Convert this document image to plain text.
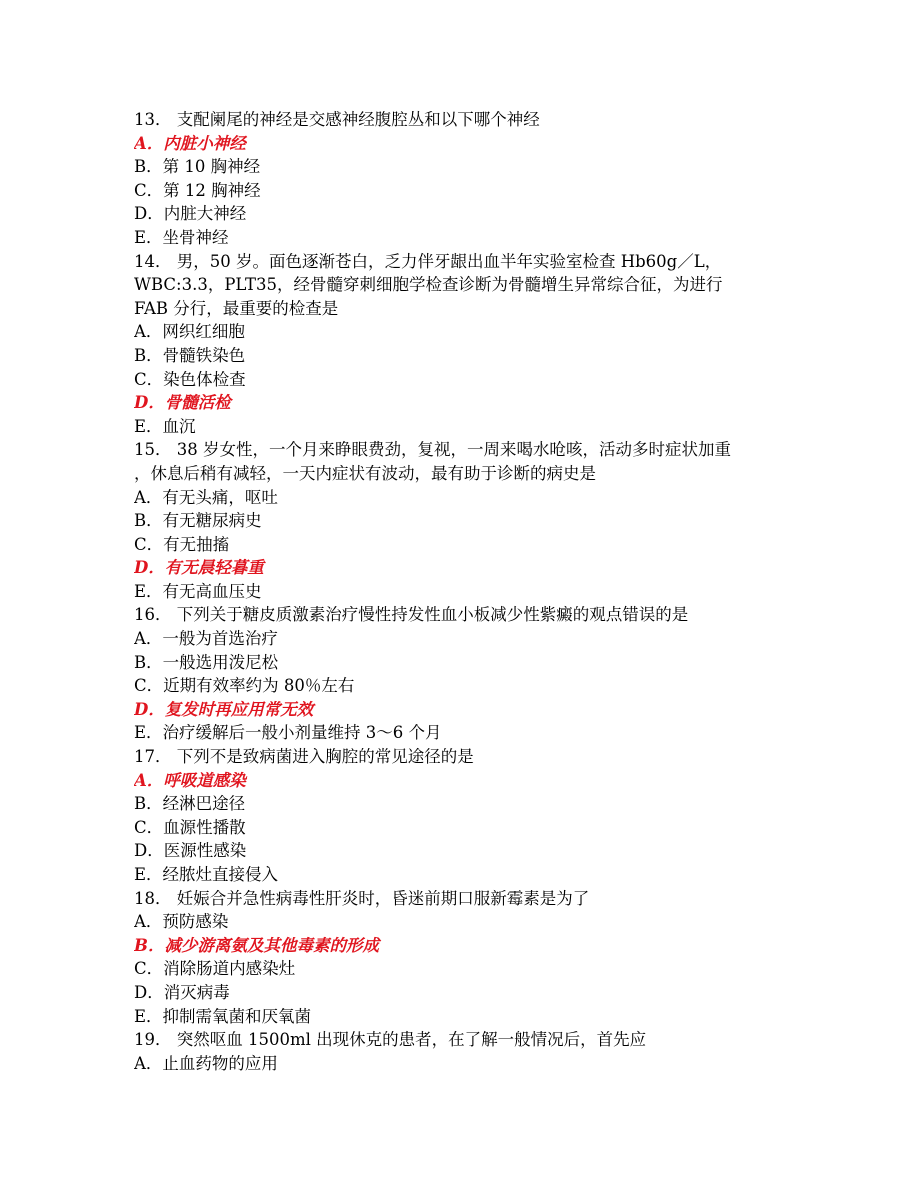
13． 支配阑尾的神经是交感神经腹腔丛和以下哪个神经
A．内脏小神经
B．第 10 胸神经
C．第 12 胸神经
D．内脏大神经
E．坐骨神经
14． 男，50 岁。面色逐渐苍白，乏力伴牙龈出血半年实验室检查 Hb60g／L，
WBC:3.3，PLT35，经骨髓穿刺细胞学检查诊断为骨髓增生异常综合征，为进行
FAB 分行，最重要的检查是
A．网织红细胞
B．骨髓铁染色
C．染色体检查
D．骨髓活检
E．血沉
15． 38 岁女性，一个月来睁眼费劲，复视，一周来喝水呛咳，活动多时症状加重
，休息后稍有减轻，一天内症状有波动，最有助于诊断的病史是
A．有无头痛，呕吐
B．有无糖尿病史
C．有无抽搐
D．有无晨轻暮重
E．有无高血压史
16． 下列关于糖皮质激素治疗慢性持发性血小板减少性紫癜的观点错误的是
A．一般为首选治疗
B．一般选用泼尼松
C．近期有效率约为 80％左右
D．复发时再应用常无效
E．治疗缓解后一般小剂量维持 3～6 个月
17． 下列不是致病菌进入胸腔的常见途径的是
A．呼吸道感染
B．经淋巴途径
C．血源性播散
D．医源性感染
E．经脓灶直接侵入
18． 妊娠合并急性病毒性肝炎时，昏迷前期口服新霉素是为了
A．预防感染
B．减少游离氨及其他毒素的形成
C．消除肠道内感染灶
D．消灭病毒
E．抑制需氧菌和厌氧菌
19． 突然呕血 1500ml 出现休克的患者，在了解一般情况后，首先应
A．止血药物的应用
